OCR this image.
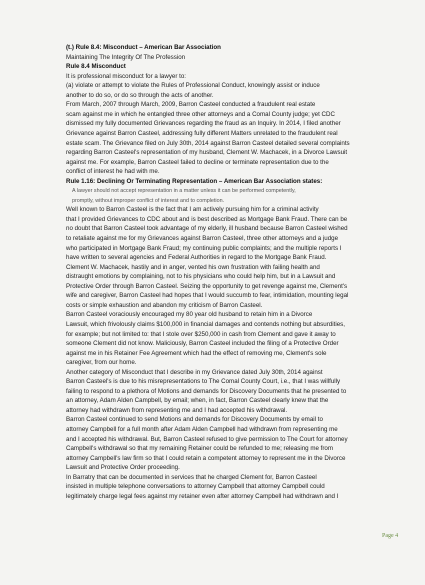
(t.) Rule 8.4: Misconduct – American Bar Association
Maintaining The Integrity Of The Profession
Rule 8.4 Misconduct
It is professional misconduct for a lawyer to:
(a) violate or attempt to violate the Rules of Professional Conduct, knowingly assist or induce
another to do so, or do so through the acts of another.
From March, 2007 through March, 2009, Barron Casteel conducted a fraudulent real estate
scam against me in which he entangled three other attorneys and a Comal County judge; yet CDC
dismissed my fully documented Grievances regarding the fraud as an Inquiry. In 2014, I filed another
Grievance against Barron Casteel, addressing fully different Matters unrelated to the fraudulent real
estate scam. The Grievance filed on July 30th, 2014 against Barron Casteel detailed several complaints
regarding Barron Casteel's representation of my husband, Clement W. Machacek, in a Divorce Lawsuit
against me. For example, Barron Casteel failed to decline or terminate representation due to the
conflict of interest he had with me.
Rule 1.16: Declining Or Terminating Representation – American Bar Association states:
A lawyer should not accept representation in a matter unless it can be performed competently,
promptly, without improper conflict of interest and to completion.
Well known to Barron Casteel is the fact that I am actively pursuing him for a criminal activity
that I provided Grievances to CDC about and is best described as Mortgage Bank Fraud. There can be
no doubt that Barron Casteel took advantage of my elderly, ill husband because Barron Casteel wished
to retaliate against me for my Grievances against Barron Casteel, three other attorneys and a judge
who participated in Mortgage Bank Fraud; my continuing public complaints; and the multiple reports I
have written to several agencies and Federal Authorities in regard to the Mortgage Bank Fraud.
Clement W. Machacek, hastily and in anger, vented his own frustration with failing health and
distraught emotions by complaining, not to his physicians who could help him, but in a Lawsuit and
Protective Order through Barron Casteel. Seizing the opportunity to get revenge against me, Clement's
wife and caregiver, Barron Casteel had hopes that I would succumb to fear, intimidation, mounting legal
costs or simple exhaustion and abandon my criticism of Barron Casteel.
Barron Casteel voraciously encouraged my 80 year old husband to retain him in a Divorce
Lawsuit, which frivolously claims $100,000 in financial damages and contends nothing but absurdities,
for example; but not limited to: that I stole over $250,000 in cash from Clement and gave it away to
someone Clement did not know. Maliciously, Barron Casteel included the filing of a Protective Order
against me in his Retainer Fee Agreement which had the effect of removing me, Clement's sole
caregiver, from our home.
Another category of Misconduct that I describe in my Grievance dated July 30th, 2014 against
Barron Casteel's is due to his misrepresentations to The Comal County Court, i.e., that I was willfully
failing to respond to a plethora of Motions and demands for Discovery Documents that he presented to
an attorney, Adam Alden Campbell, by email; when, in fact, Barron Casteel clearly knew that the
attorney had withdrawn from representing me and I had accepted his withdrawal.
Barron Casteel continued to send Motions and demands for Discovery Documents by email to
attorney Campbell for a full month after Adam Alden Campbell had withdrawn from representing me
and I accepted his withdrawal. But, Barron Casteel refused to give permission to The Court for attorney
Campbell's withdrawal so that my remaining Retainer could be refunded to me; releasing me from
attorney Campbell's law firm so that I could retain a competent attorney to represent me in the Divorce
Lawsuit and Protective Order proceeding.
In Barratry that can be documented in services that he charged Clement for, Barron Casteel
insisted in multiple telephone conversations to attorney Campbell that attorney Campbell could
legitimately charge legal fees against my retainer even after attorney Campbell had withdrawn and I
Page 4
